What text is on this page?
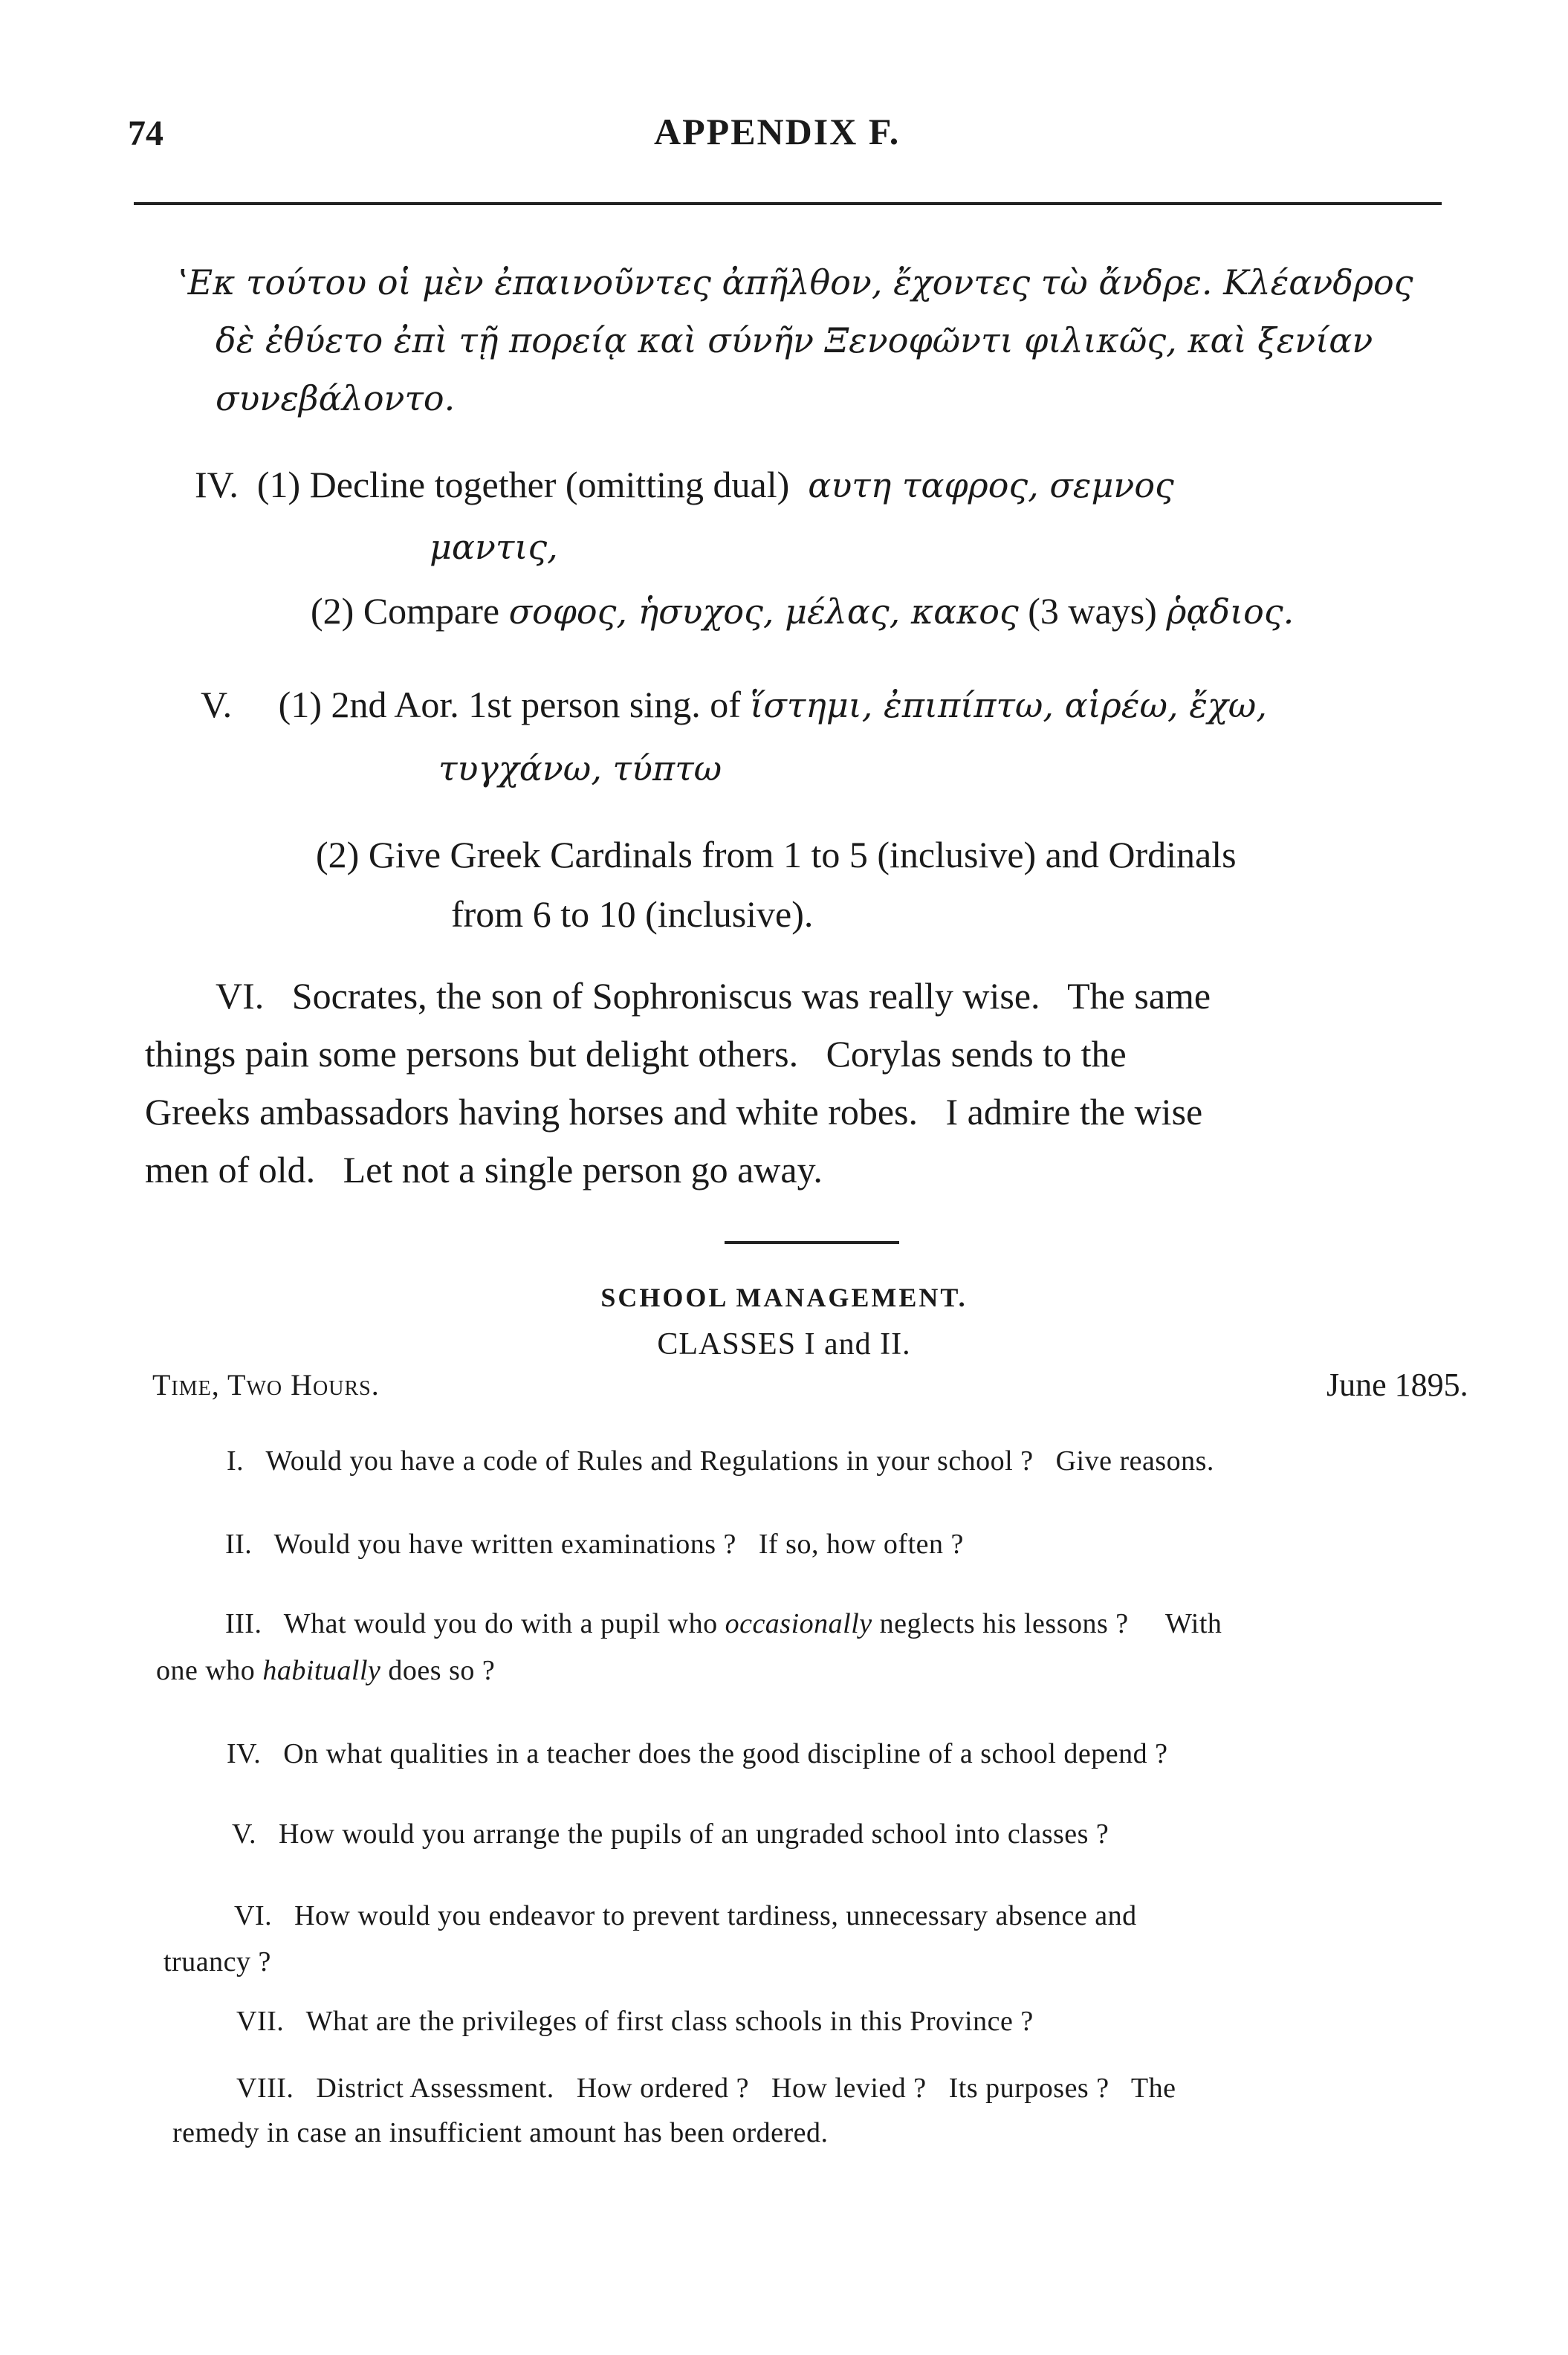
74	APPENDIX F.
ʽΕκ τούτου οἱ μὲν ἐπαινοῦντες ἀπῆλθον, ἔχοντες τὼ ἄνδρε. Κλέανδρος
δὲ ἐθύετο ἐπὶ τῇ πορείᾳ καὶ σύνῆν Ξενοφῶντι φιλικῶς, καὶ ξενίαν
συνεβάλοντο.
IV. (1) Decline together (omitting dual) αυτη ταφρος, σεμνος
μαντις,
(2) Compare σοφος, ἡσυχος, μέλας, κακος (3 ways) ῥᾳδιος.
V. (1) 2nd Aor. 1st person sing. of ἵστημι, ἐπιπίπτω, αἱρέω, ἔχω,
τυγχάνω, τύπτω
(2) Give Greek Cardinals from 1 to 5 (inclusive) and Ordinals
from 6 to 10 (inclusive).
VI. Socrates, the son of Sophroniscus was really wise.   The same
things pain some persons but delight others.   Corylas sends to the
Greeks ambassadors having horses and white robes.   I admire the wise
men of old.   Let not a single person go away.
SCHOOL MANAGEMENT.
CLASSES I and II.
Time, Two Hours.	June 1895.
I. Would you have a code of Rules and Regulations in your school ?   Give reasons.
II. Would you have written examinations ?   If so, how often ?
III. What would you do with a pupil who occasionally neglects his lessons ?     With
one who habitually does so ?
IV. On what qualities in a teacher does the good discipline of a school depend ?
V. How would you arrange the pupils of an ungraded school into classes ?
VI. How would you endeavor to prevent tardiness, unnecessary absence and
truancy ?
VII. What are the privileges of first class schools in this Province ?
VIII. District Assessment.   How ordered ?   How levied ?   Its purposes ?   The
remedy in case an insufficient amount has been ordered.
